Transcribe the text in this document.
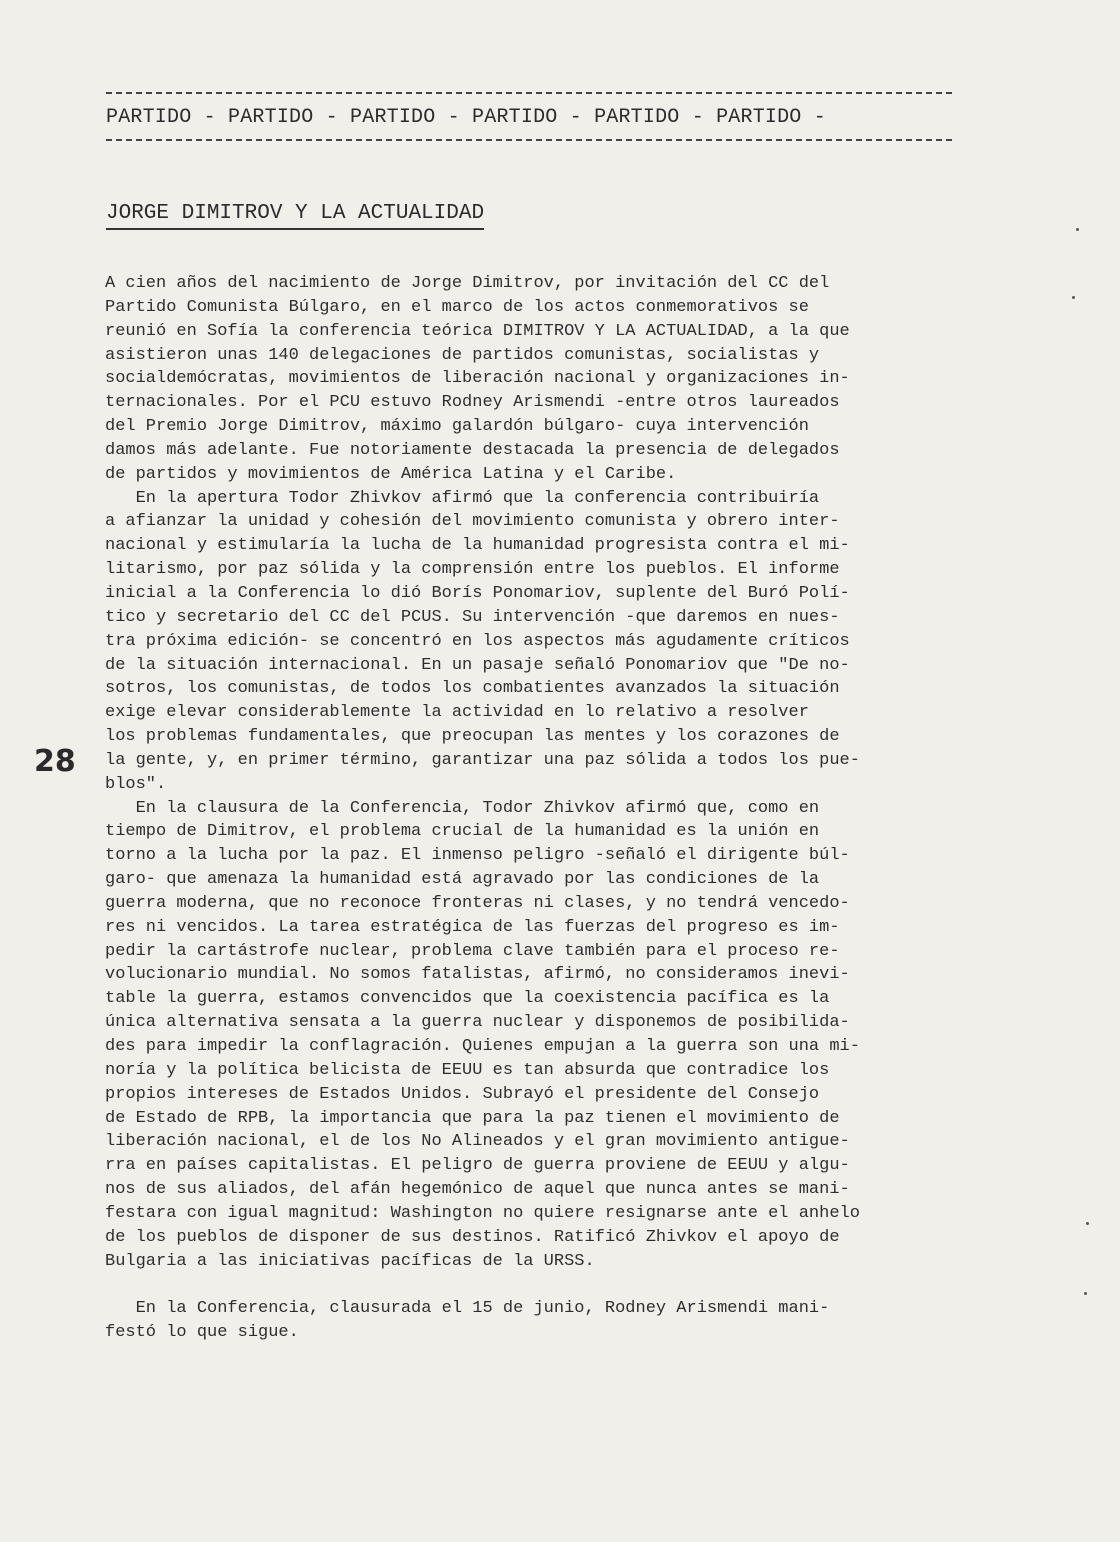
PARTIDO - PARTIDO - PARTIDO - PARTIDO - PARTIDO - PARTIDO -
JORGE DIMITROV Y LA ACTUALIDAD
A cien años del nacimiento de Jorge Dimitrov, por invitación del CC del
Partido Comunista Búlgaro, en el marco de los actos conmemorativos se
reunió en Sofía la conferencia teórica DIMITROV Y LA ACTUALIDAD, a la que
asistieron unas 140 delegaciones de partidos comunistas, socialistas y
socialdemócratas, movimientos de liberación nacional y organizaciones in-
ternacionales. Por el PCU estuvo Rodney Arismendi -entre otros laureados
del Premio Jorge Dimitrov, máximo galardón búlgaro- cuya intervención
damos más adelante. Fue notoriamente destacada la presencia de delegados
de partidos y movimientos de América Latina y el Caribe.
En la apertura Todor Zhivkov afirmó que la conferencia contribuiría
a afianzar la unidad y cohesión del movimiento comunista y obrero inter-
nacional y estimularía la lucha de la humanidad progresista contra el mi-
litarismo, por paz sólida y la comprensión entre los pueblos. El informe
inicial a la Conferencia lo dió Borís Ponomariov, suplente del Buró Polí-
tico y secretario del CC del PCUS. Su intervención -que daremos en nues-
tra próxima edición- se concentró en los aspectos más agudamente críticos
de la situación internacional. En un pasaje señaló Ponomariov que "De no-
sotros, los comunistas, de todos los combatientes avanzados la situación
exige elevar considerablemente la actividad en lo relativo a resolver
los problemas fundamentales, que preocupan las mentes y los corazones de
la gente, y, en primer término, garantizar una paz sólida a todos los pue-
blos".
En la clausura de la Conferencia, Todor Zhivkov afirmó que, como en
tiempo de Dimitrov, el problema crucial de la humanidad es la unión en
torno a la lucha por la paz. El inmenso peligro -señaló el dirigente búl-
garo- que amenaza la humanidad está agravado por las condiciones de la
guerra moderna, que no reconoce fronteras ni clases, y no tendrá vencedo-
res ni vencidos. La tarea estratégica de las fuerzas del progreso es im-
pedir la cartástrofe nuclear, problema clave también para el proceso re-
volucionario mundial. No somos fatalistas, afirmó, no consideramos inevi-
table la guerra, estamos convencidos que la coexistencia pacífica es la
única alternativa sensata a la guerra nuclear y disponemos de posibilida-
des para impedir la conflagración. Quienes empujan a la guerra son una mi-
noría y la política belicista de EEUU es tan absurda que contradice los
propios intereses de Estados Unidos. Subrayó el presidente del Consejo
de Estado de RPB, la importancia que para la paz tienen el movimiento de
liberación nacional, el de los No Alineados y el gran movimiento antigue-
rra en países capitalistas. El peligro de guerra proviene de EEUU y algu-
nos de sus aliados, del afán hegemónico de aquel que nunca antes se mani-
festara con igual magnitud: Washington no quiere resignarse ante el anhelo
de los pueblos de disponer de sus destinos. Ratificó Zhivkov el apoyo de
Bulgaria a las iniciativas pacíficas de la URSS.
En la Conferencia, clausurada el 15 de junio, Rodney Arismendi mani-
festó lo que sigue.
28
